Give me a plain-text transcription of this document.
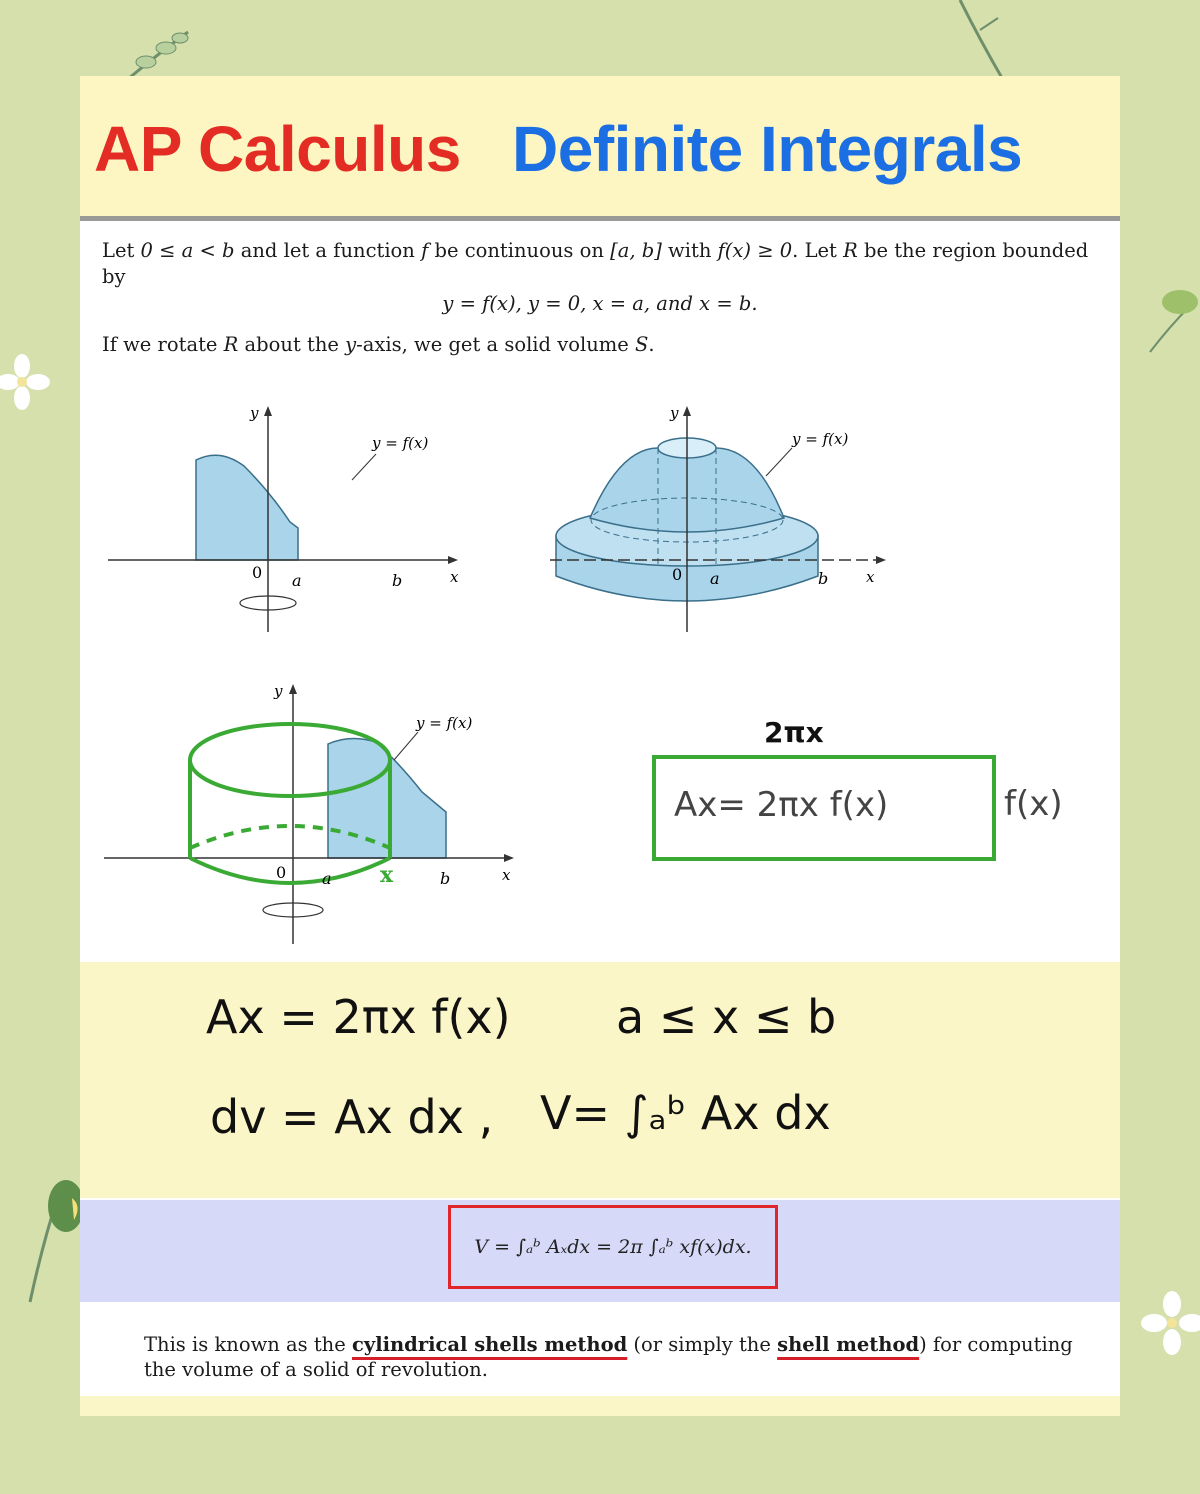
AP Calculus Definite Integrals
Let 0 ≤ a < b and let a function f be continuous on [a, b] with f(x) ≥ 0. Let R be the region bounded by
y = f(x), y = 0, x = a, and x = b.
If we rotate R about the y-axis, we get a solid volume S.
y
x
0 a	b
y = f(x)
y
x
0 a	b
y = f(x)
y
x
0 a x	b
y = f(x)	2πx
Ax= 2πx f(x)	f(x)
Ax = 2πx f(x) a ≤ x ≤ b
dv = Ax dx , V= ∫ₐᵇ Ax dx
V = ∫ₐᵇ Aₓdx = 2π ∫ₐᵇ xf(x)dx.
This is known as the cylindrical shells method (or simply the shell method) for computing the volume of a solid of revolution.
